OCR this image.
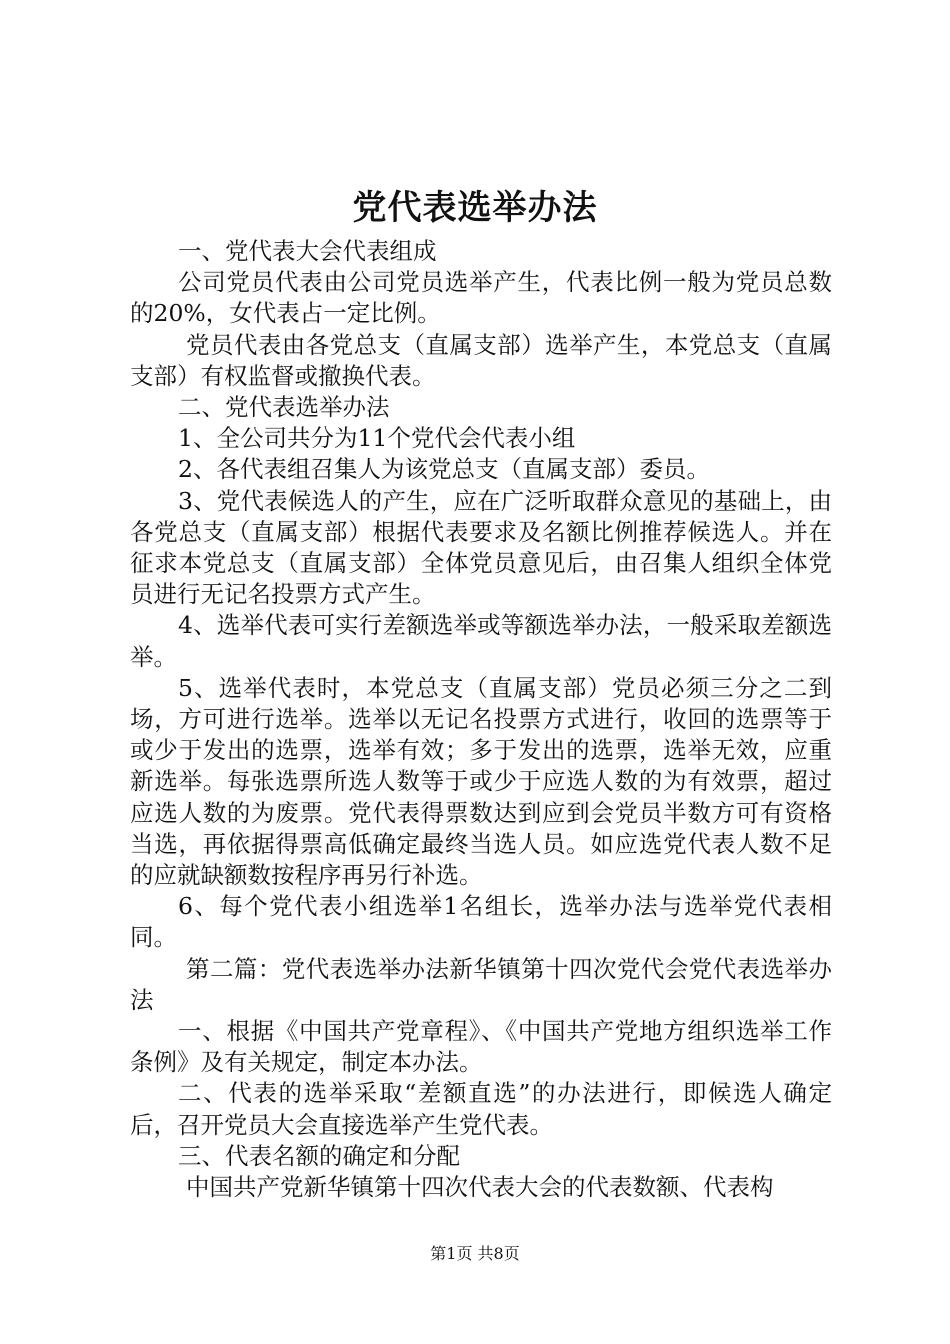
党代表选举办法

一、党代表大会代表组成

公司党员代表由公司党员选举产生，代表比例一般为党员总数的20%，女代表占一定比例。

党员代表由各党总支（直属支部）选举产生，本党总支（直属支部）有权监督或撤换代表。

二、党代表选举办法

1、全公司共分为11个党代会代表小组

2、各代表组召集人为该党总支（直属支部）委员。

3、党代表候选人的产生，应在广泛听取群众意见的基础上，由各党总支（直属支部）根据代表要求及名额比例推荐候选人。并在征求本党总支（直属支部）全体党员意见后，由召集人组织全体党员进行无记名投票方式产生。

4、选举代表可实行差额选举或等额选举办法，一般采取差额选举。

5、选举代表时，本党总支（直属支部）党员必须三分之二到场，方可进行选举。选举以无记名投票方式进行，收回的选票等于或少于发出的选票，选举有效；多于发出的选票，选举无效，应重新选举。每张选票所选人数等于或少于应选人数的为有效票，超过应选人数的为废票。党代表得票数达到应到会党员半数方可有资格当选，再依据得票高低确定最终当选人员。如应选党代表人数不足的应就缺额数按程序再另行补选。

6、每个党代表小组选举1名组长，选举办法与选举党代表相同。

第二篇：党代表选举办法新华镇第十四次党代会党代表选举办法

一、根据《中国共产党章程》、《中国共产党地方组织选举工作条例》及有关规定，制定本办法。

二、代表的选举采取“差额直选”的办法进行，即候选人确定后，召开党员大会直接选举产生党代表。

三、代表名额的确定和分配

中国共产党新华镇第十四次代表大会的代表数额、代表构

第1页 共8页
